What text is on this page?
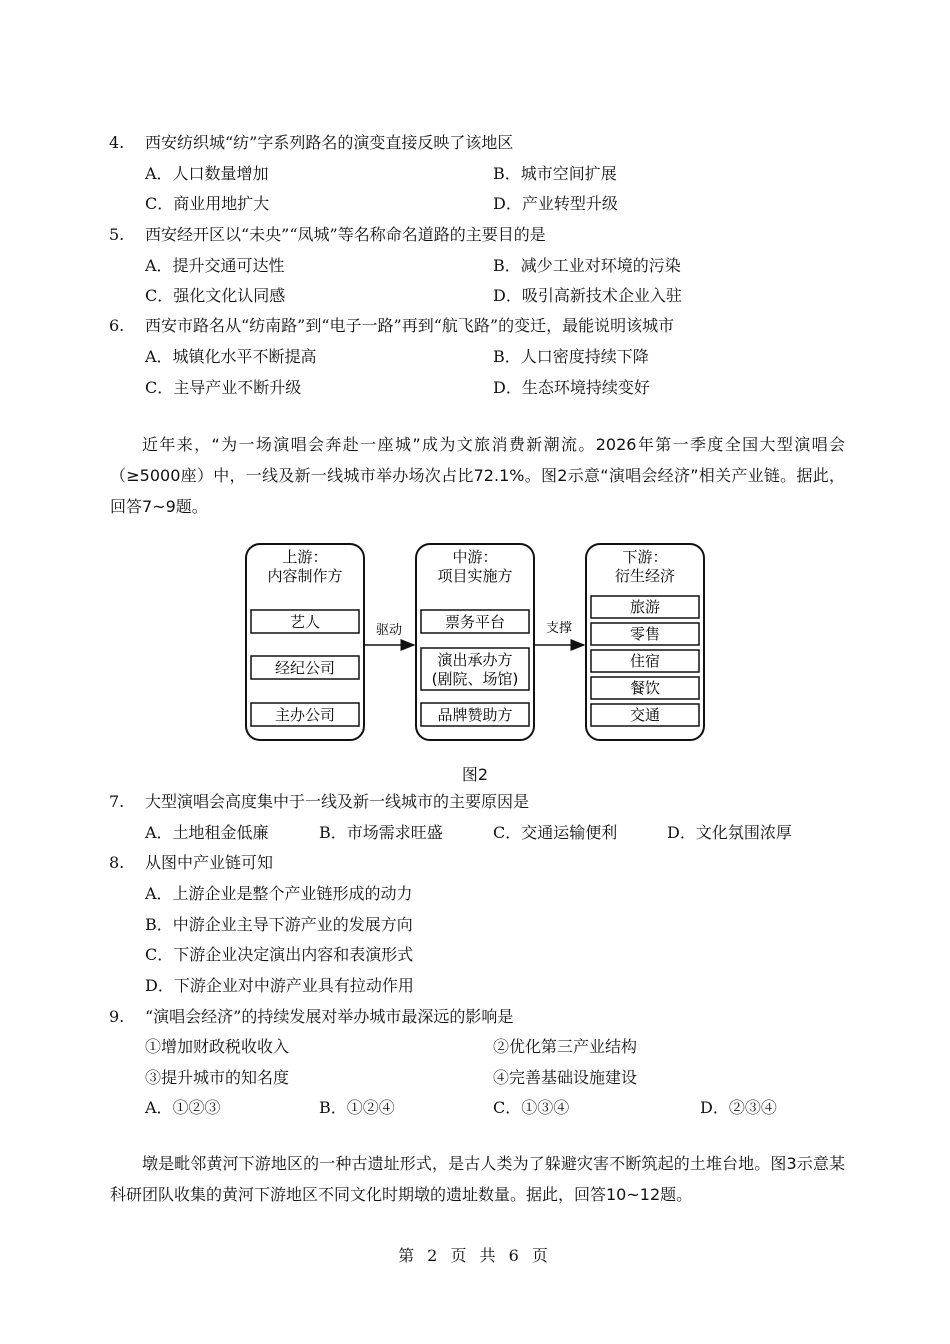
4. 西安纺织城“纺”字系列路名的演变直接反映了该地区
A．人口数量增加	B．城市空间扩展
C．商业用地扩大	D．产业转型升级
5. 西安经开区以“未央”“凤城”等名称命名道路的主要目的是
A．提升交通可达性	B．减少工业对环境的污染
C．强化文化认同感	D．吸引高新技术企业入驻
6. 西安市路名从“纺南路”到“电子一路”再到“航飞路”的变迁，最能说明该城市
A．城镇化水平不断提高	B．人口密度持续下降
C．主导产业不断升级	D．生态环境持续变好
近年来，“为一场演唱会奔赴一座城”成为文旅消费新潮流。2026年第一季度全国大型演唱会（≥5000座）中，一线及新一线城市举办场次占比72.1%。图2示意“演唱会经济”相关产业链。据此，回答7~9题。
上游：
内容制作方
艺人
经纪公司
主办公司
驱动
中游：
项目实施方
票务平台
演出承办方
(剧院、场馆)
品牌赞助方
支撑
下游：
衍生经济
旅游
零售
住宿
餐饮
交通
图2
7. 大型演唱会高度集中于一线及新一线城市的主要原因是
A．土地租金低廉	B．市场需求旺盛	C．交通运输便利	D．文化氛围浓厚
8. 从图中产业链可知
A．上游企业是整个产业链形成的动力
B．中游企业主导下游产业的发展方向
C．下游企业决定演出内容和表演形式
D．下游企业对中游产业具有拉动作用
9. “演唱会经济”的持续发展对举办城市最深远的影响是
①增加财政税收收入	②优化第三产业结构
③提升城市的知名度	④完善基础设施建设
A．①②③	B．①②④	C．①③④	D．②③④
墩是毗邻黄河下游地区的一种古遗址形式，是古人类为了躲避灾害不断筑起的土堆台地。图3示意某科研团队收集的黄河下游地区不同文化时期墩的遗址数量。据此，回答10~12题。
第 2 页 共 6 页
